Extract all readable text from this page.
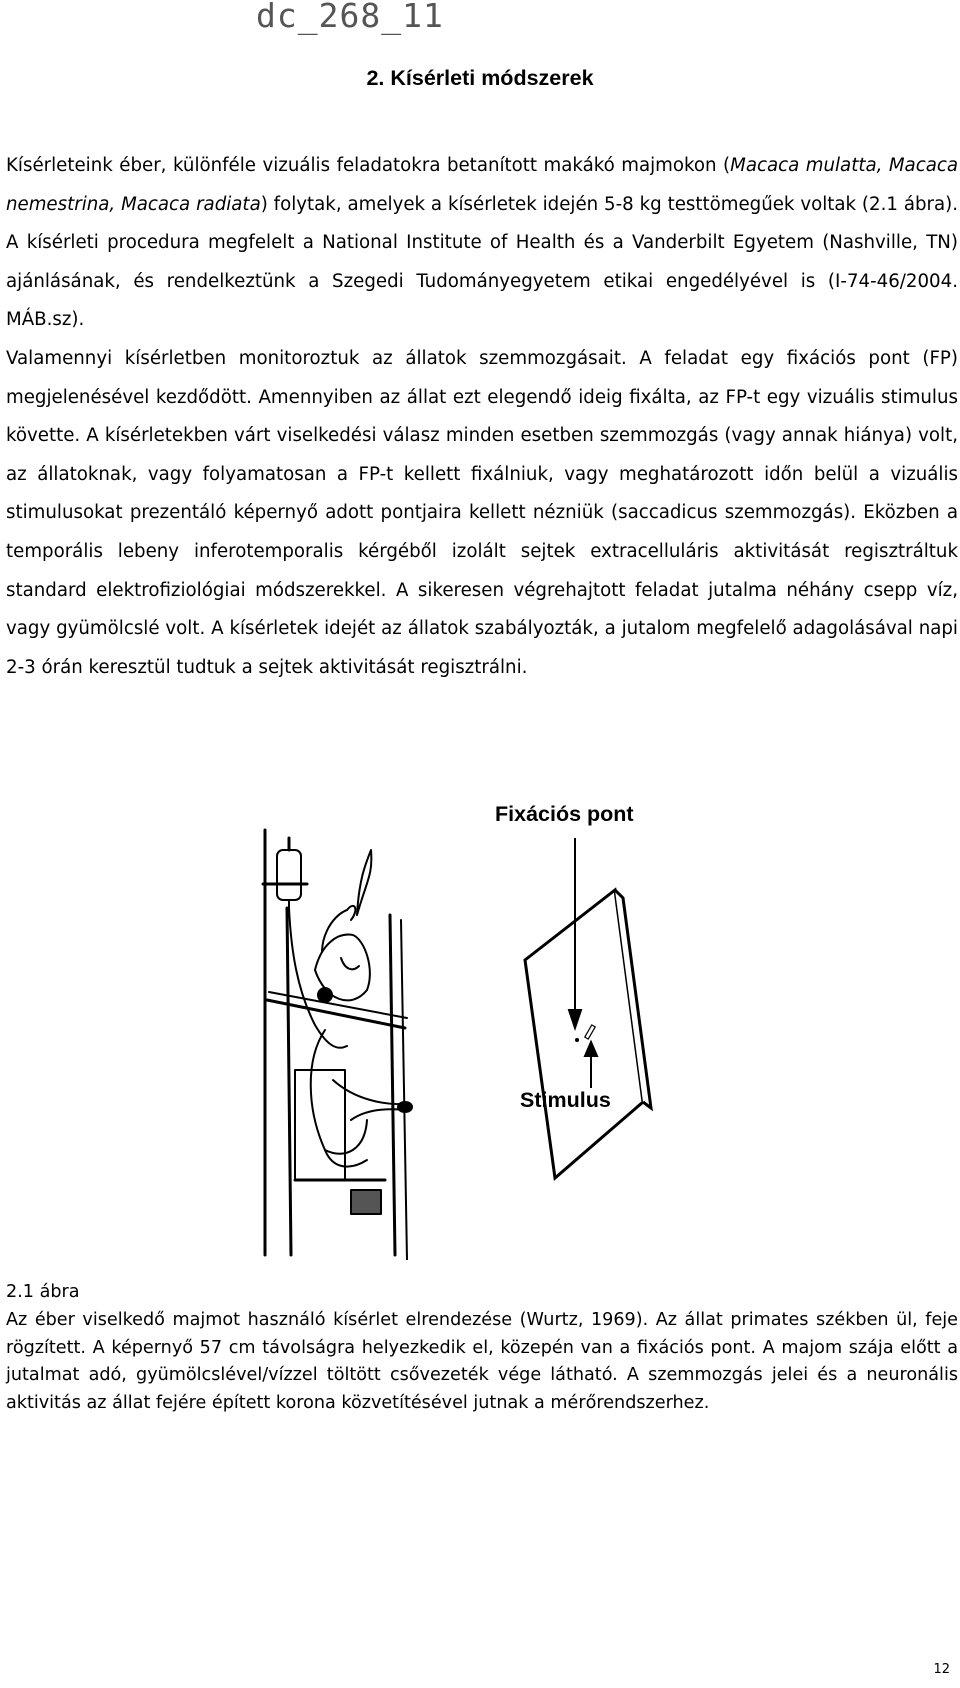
dc_268_11
2. Kísérleti módszerek

Kísérleteink éber, különféle vizuális feladatokra betanított makákó majmokon (Macaca mulatta, Macaca nemestrina, Macaca radiata) folytak, amelyek a kísérletek idején 5-8 kg testtömegűek voltak (2.1 ábra). A kísérleti procedura megfelelt a National Institute of Health és a Vanderbilt Egyetem (Nashville, TN) ajánlásának, és rendelkeztünk a Szegedi Tudományegyetem etikai engedélyével is (I-74-46/2004. MÁB.sz).

Valamennyi kísérletben monitoroztuk az állatok szemmozgásait. A feladat egy fixációs pont (FP) megjelenésével kezdődött. Amennyiben az állat ezt elegendő ideig fixálta, az FP-t egy vizuális stimulus követte. A kísérletekben várt viselkedési válasz minden esetben szemmozgás (vagy annak hiánya) volt, az állatoknak, vagy folyamatosan a FP-t kellett fixálniuk, vagy meghatározott időn belül a vizuális stimulusokat prezentáló képernyő adott pontjaira kellett nézniük (saccadicus szemmozgás). Eközben a temporális lebeny inferotemporalis kérgéből izolált sejtek extracelluláris aktivitását regisztráltuk standard elektrofiziológiai módszerekkel. A sikeresen végrehajtott feladat jutalma néhány csepp víz, vagy gyümölcslé volt. A kísérletek idejét az állatok szabályozták, a jutalom megfelelő adagolásával napi 2-3 órán keresztül tudtuk a sejtek aktivitását regisztrálni.

Fixációs pont
Stimulus
2.1 ábra

Az éber viselkedő majmot használó kísérlet elrendezése (Wurtz, 1969). Az állat primates székben ül, feje rögzített. A képernyő 57 cm távolságra helyezkedik el, közepén van a fixációs pont. A majom szája előtt a jutalmat adó, gyümölcslével/vízzel töltött csővezeték vége látható. A szemmozgás jelei és a neuronális aktivitás az állat fejére épített korona közvetítésével jutnak a mérőrendszerhez.

12
